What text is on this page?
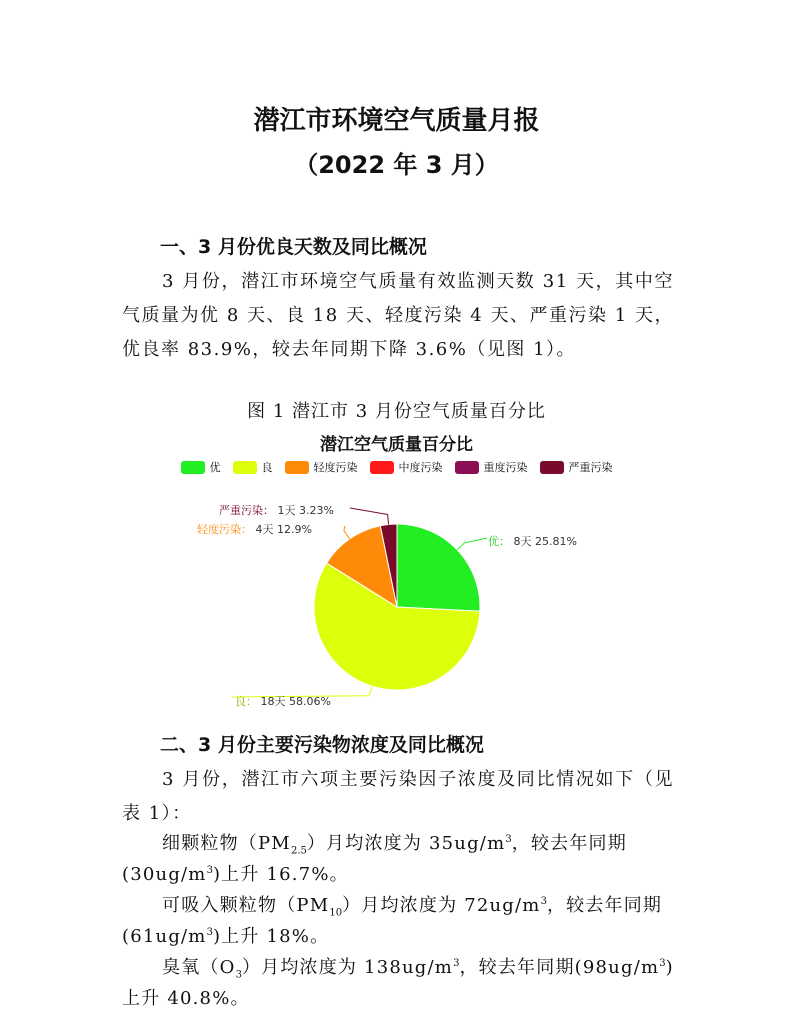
潜江市环境空气质量月报
（2022 年 3 月）
一、3 月份优良天数及同比概况
3 月份，潜江市环境空气质量有效监测天数 31 天，其中空气质量为优 8 天、良 18 天、轻度污染 4 天、严重污染 1 天，优良率 83.9%，较去年同期下降 3.6%（见图 1）。
图 1 潜江市 3 月份空气质量百分比
潜江空气质量百分比
优	良	轻度污染	中度污染	重度污染	严重污染
优： 8天 25.81%
良： 18天 58.06%
轻度污染： 4天 12.9%
严重污染： 1天 3.23%
二、3 月份主要污染物浓度及同比概况
3 月份，潜江市六项主要污染因子浓度及同比情况如下（见表 1）：
细颗粒物$(PM_{2.5})$月均浓度为 $35ug/m^3$，较去年同期
$(30ug/m^3)$上升 16.7%。
可吸入颗粒物$(PM_{10})$月均浓度为 $72ug/m^3$，较去年同期
$(61ug/m^3)$上升 18%。
臭氧$(O_3)$月均浓度为 $138ug/m^3$，较去年同期$(98ug/m^3)$
上升 40.8%。
